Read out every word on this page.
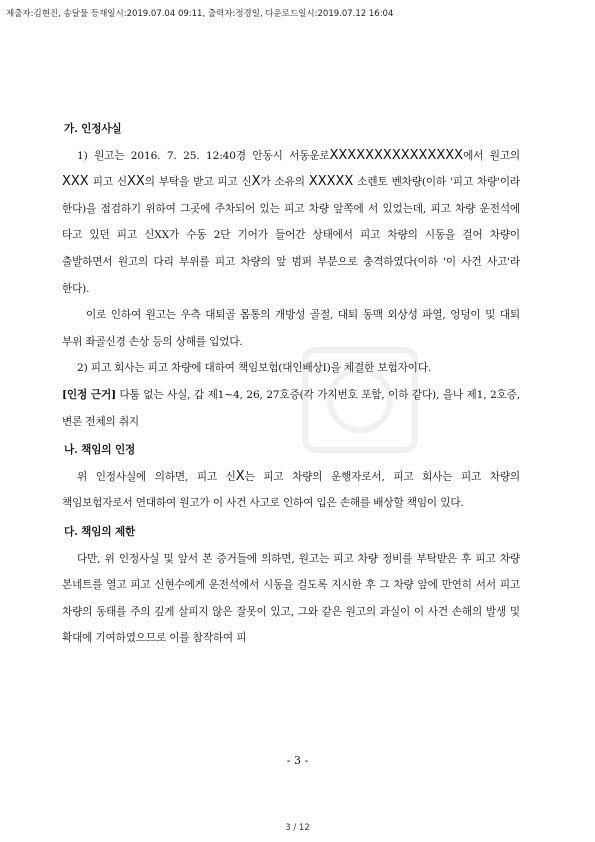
제출자:김현진, 송달물 등재일시:2019.07.04 09:11, 출력자:정경일, 다운로드일시:2019.07.12 16:04

가. 인정사실

1) 원고는 2016. 7. 25. 12:40경 안동시 서동운로XXXXXXXXXXXXXXX에서 원고의 XXX 피고 신XX의 부탁을 받고 피고 신X가 소유의 XXXXX 소렌토 벤차량(이하 '피고 차량'이라 한다)을 점검하기 위하여 그곳에 주차되어 있는 피고 차량 앞쪽에 서 있었는데, 피고 차량 운전석에 타고 있던 피고 신XX가 수동 2단 기어가 들어간 상태에서 피고 차량의 시동을 걸어 차량이 출발하면서 원고의 다리 부위를 피고 차량의 앞 범퍼 부분으로 충격하였다(이하 '이 사건 사고'라 한다).

이로 인하여 원고는 우측 대퇴골 몸통의 개방성 골절, 대퇴 동맥 외상성 파열, 엉덩이 및 대퇴 부위 좌골신경 손상 등의 상해를 입었다.

2) 피고 회사는 피고 차량에 대하여 책임보험(대인배상Ⅰ)을 체결한 보험자이다.

[인정 근거] 다툼 없는 사실, 갑 제1~4, 26, 27호증(각 가지번호 포함, 이하 같다), 을나 제1, 2호증, 변론 전체의 취지

나. 책임의 인정

위 인정사실에 의하면, 피고 신X는 피고 차량의 운행자로서, 피고 회사는 피고 차량의 책임보험자로서 연대하여 원고가 이 사건 사고로 인하여 입은 손해를 배상할 책임이 있다.

다. 책임의 제한

다만, 위 인정사실 및 앞서 본 증거들에 의하면, 원고는 피고 차량 정비를 부탁받은 후 피고 차량 본네트를 열고 피고 신현수에게 운전석에서 시동을 걸도록 지시한 후 그 차량 앞에 만연히 서서 피고 차량의 동태를 주의 깊게 살피지 않은 잘못이 있고, 그와 같은 원고의 과실이 이 사건 손해의 발생 및 확대에 기여하였으므로 이를 참작하여 피

- 3 -
3 / 12
